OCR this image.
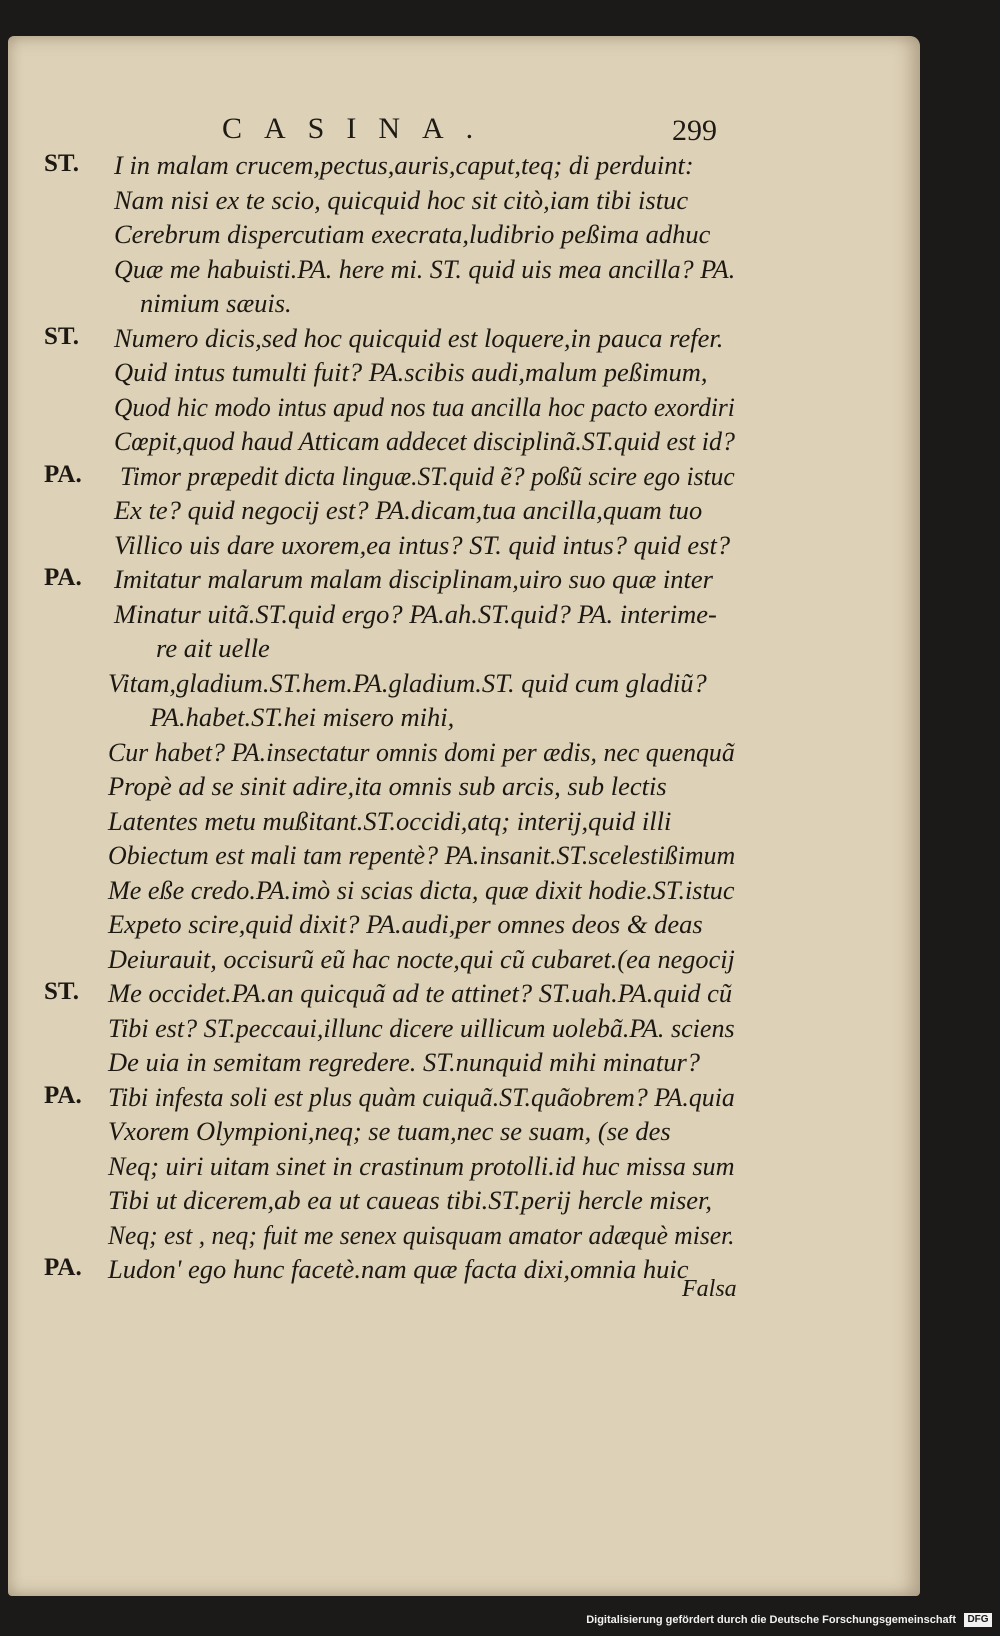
CASINA.	299
ST. I in malam crucem,pectus,auris,caput,teq; di perduint:
Nam nisi ex te scio, quicquid hoc sit citò,iam tibi istuc
Cerebrum dispercutiam execrata,ludibrio peßima adhuc
Quæ me habuisti.PA. here mi. ST. quid uis mea ancilla? PA.
nimium sæuis.
ST. Numero dicis,sed hoc quicquid est loquere,in pauca refer.
Quid intus tumulti fuit? PA.scibis audi,malum peßimum,
Quod hic modo intus apud nos tua ancilla hoc pacto exordiri
Cœpit,quod haud Atticam addecet disciplinã.ST.quid est id?
PA. Timor præpedit dicta linguæ.ST.quid ẽ? poßũ scire ego istuc
Ex te? quid negocij est? PA.dicam,tua ancilla,quam tuo
Villico uis dare uxorem,ea intus? ST. quid intus? quid est?
PA. Imitatur malarum malam disciplinam,uiro suo quæ inter
Minatur uitã.ST.quid ergo? PA.ah.ST.quid? PA. interime-
re ait uelle
Vitam,gladium.ST.hem.PA.gladium.ST. quid cum gladiũ?
PA.habet.ST.hei misero mihi,
Cur habet? PA.insectatur omnis domi per ædis, nec quenquã
Propè ad se sinit adire,ita omnis sub arcis, sub lectis
Latentes metu mußitant.ST.occidi,atq; interij,quid illi
Obiectum est mali tam repentè? PA.insanit.ST.scelestißimum
Me eße credo.PA.imò si scias dicta, quæ dixit hodie.ST.istuc
Expeto scire,quid dixit? PA.audi,per omnes deos & deas
Deiurauit, occisurũ eũ hac nocte,qui cũ cubaret.(ea negocij
ST. Me occidet.PA.an quicquã ad te attinet? ST.uah.PA.quid cũ
Tibi est? ST.peccaui,illunc dicere uillicum uolebã.PA. sciens
De uia in semitam regredere. ST.nunquid mihi minatur?
PA. Tibi infesta soli est plus quàm cuiquã.ST.quãobrem? PA.quia
Vxorem Olympioni,neq; se tuam,nec se suam, (se des
Neq; uiri uitam sinet in crastinum protolli.id huc missa sum
Tibi ut dicerem,ab ea ut caueas tibi.ST.perij hercle miser,
Neq; est , neq; fuit me senex quisquam amator adæquè miser.
PA. Ludon' ego hunc facetè.nam quæ facta dixi,omnia huic
Falsa
Digitalisierung gefördert durch die Deutsche Forschungsgemeinschaft	DFG
